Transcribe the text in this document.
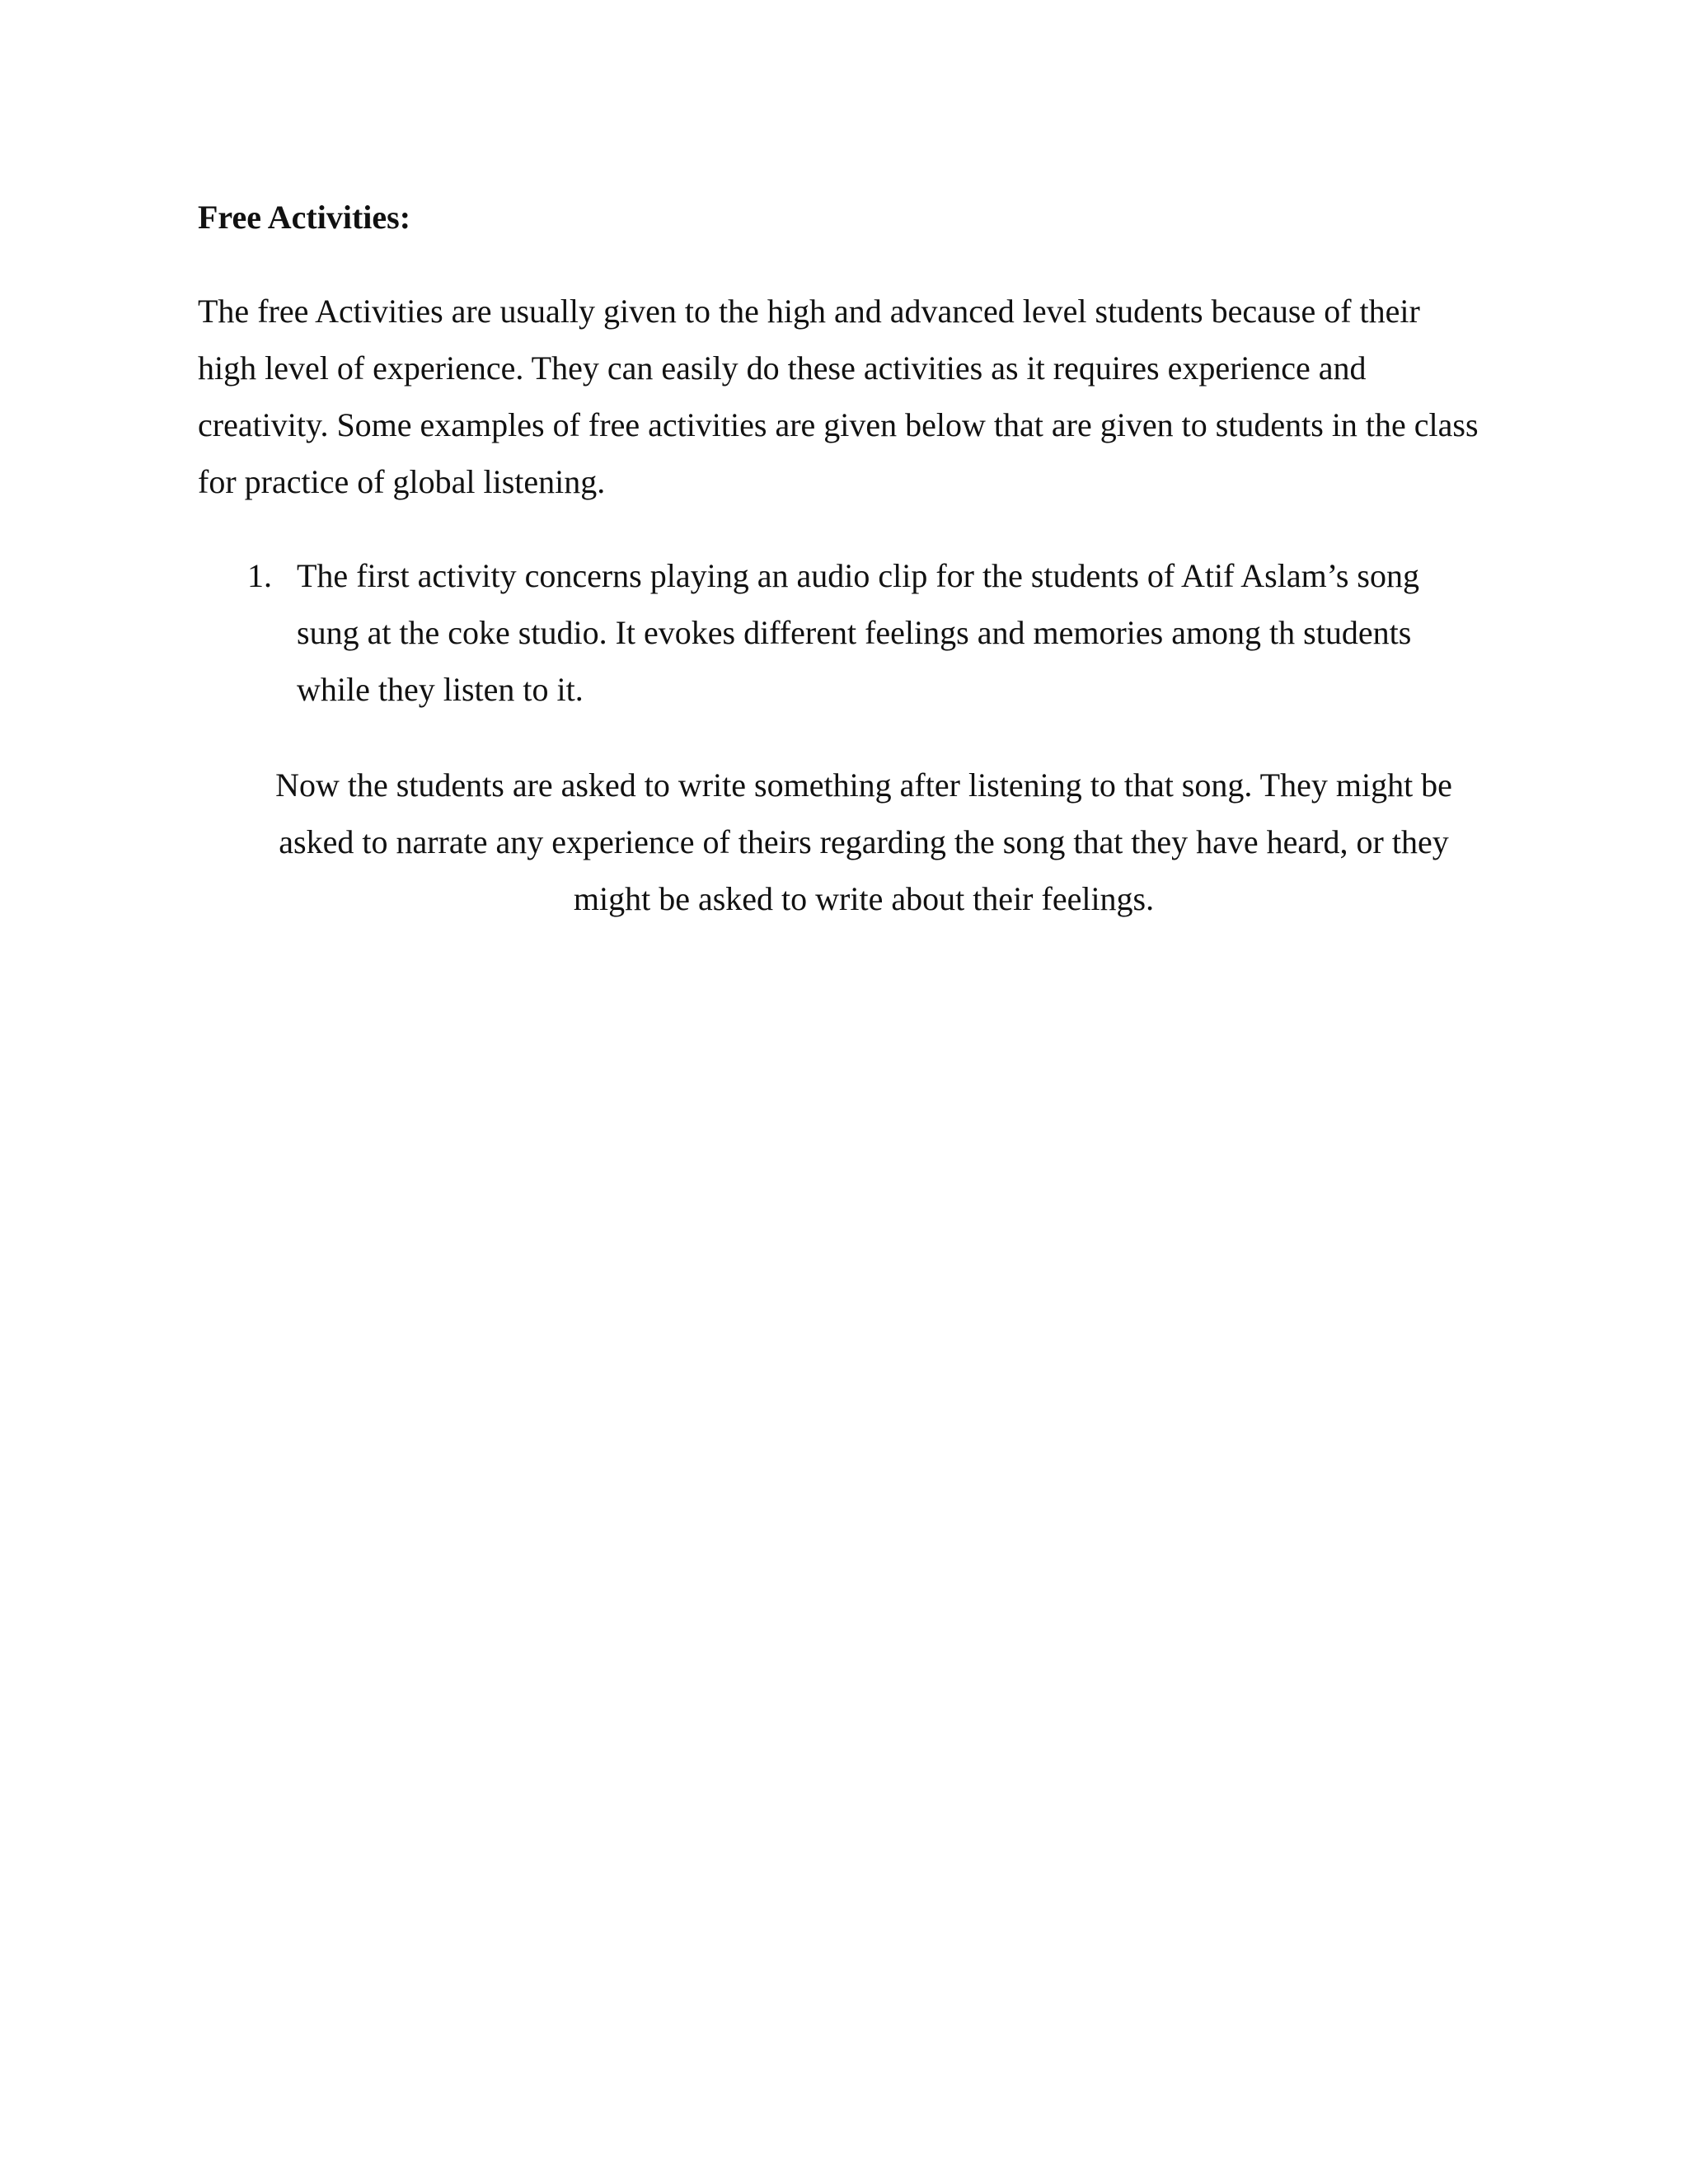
Free Activities:

The free Activities are usually given to the high and advanced level students because of their

high level of experience. They can easily do these activities as it requires experience and

creativity. Some examples of free activities are given below that are given to students in the class

for practice of global listening.

1. The first activity concerns playing an audio clip for the students of Atif Aslam’s song

sung at the coke studio. It evokes different feelings and memories among th students

while they listen to it.

Now the students are asked to write something after listening to that song. They might be

asked to narrate any experience of theirs regarding the song that they have heard, or they

might be asked to write about their feelings.
